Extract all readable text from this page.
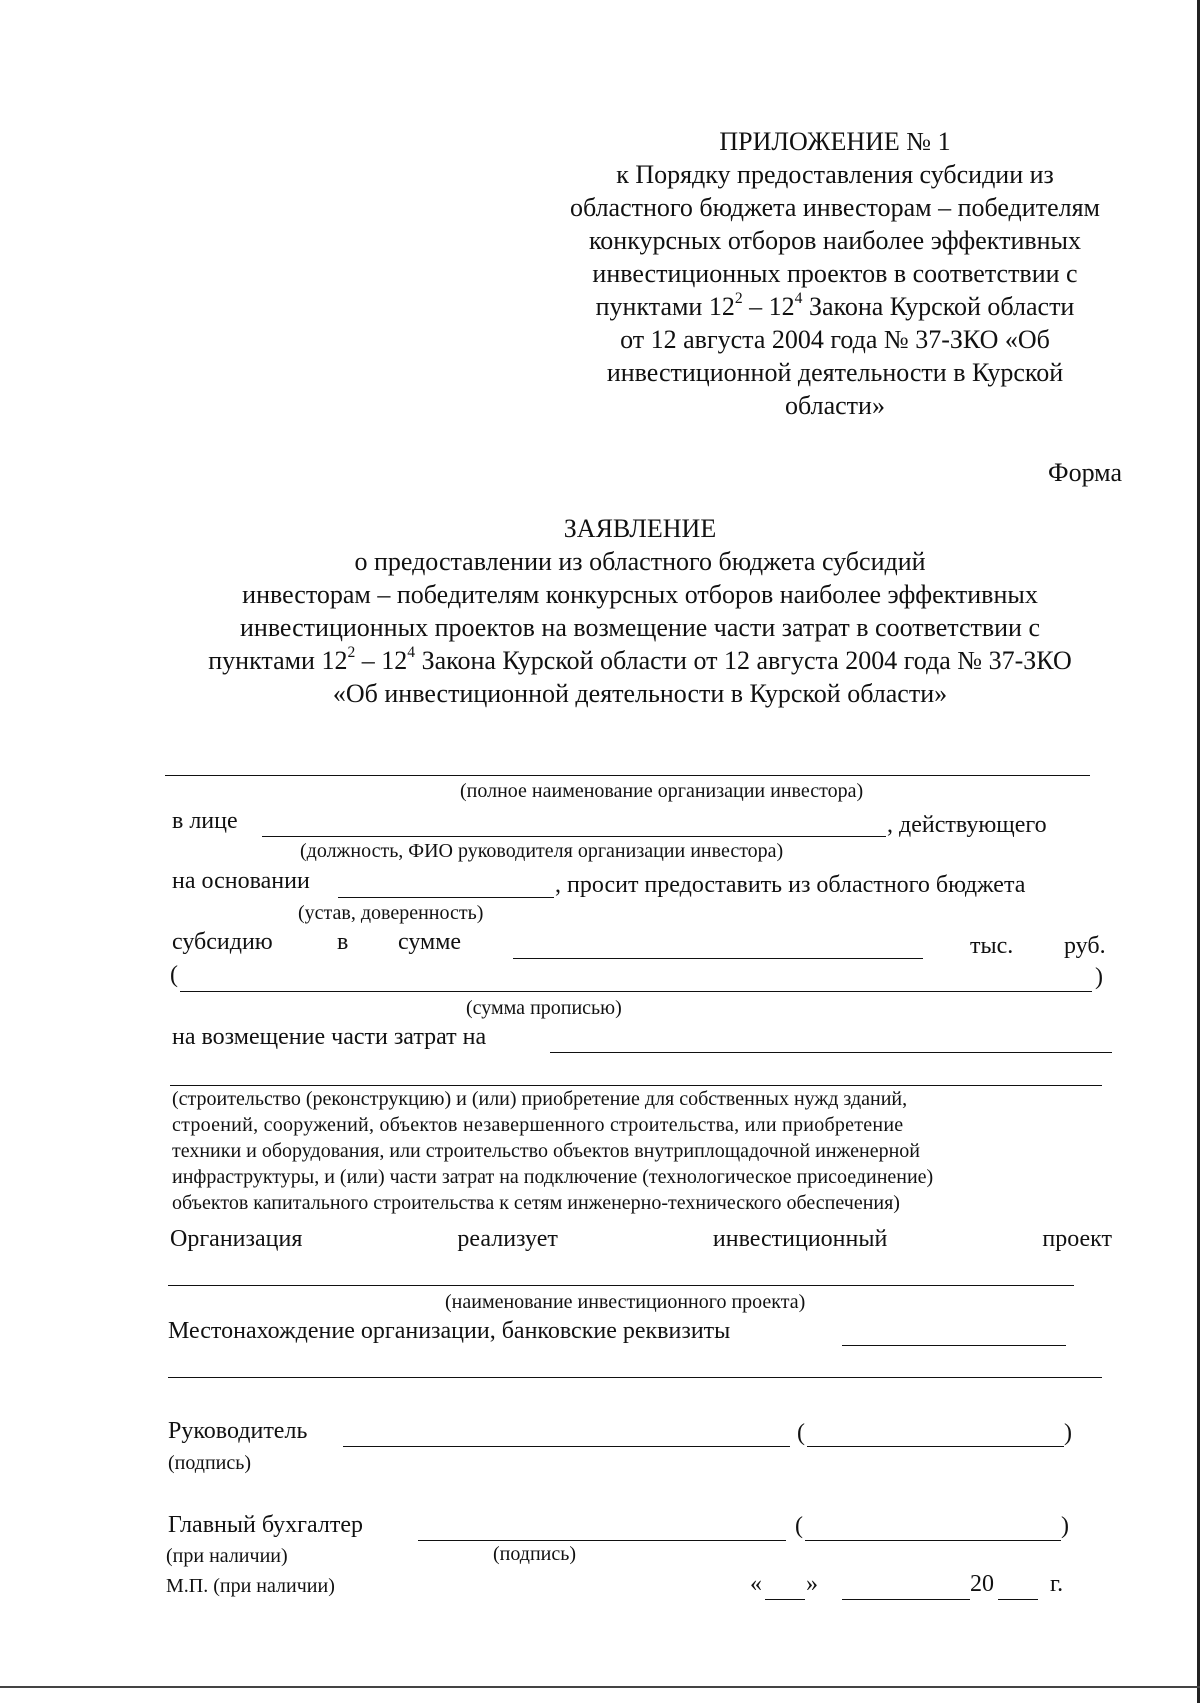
ПРИЛОЖЕНИЕ № 1
к Порядку предоставления субсидии из
областного бюджета инвесторам – победителям
конкурсных отборов наиболее эффективных
инвестиционных проектов в соответствии с
пунктами $12^2 - 12^4$ Закона Курской области
от 12 августа 2004 года № 37-ЗКО «Об
инвестиционной деятельности в Курской
области»
Форма
ЗАЯВЛЕНИЕ
о предоставлении из областного бюджета субсидий
инвесторам – победителям конкурсных отборов наиболее эффективных
инвестиционных проектов на возмещение части затрат в соответствии с
пунктами $12^2 - 12^4$ Закона Курской области от 12 августа 2004 года № 37-ЗКО
«Об инвестиционной деятельности в Курской области»
(полное наименование организации инвестора)
в лице	, действующего
(должность, ФИО руководителя организации инвестора)
на основании	, просит предоставить из областного бюджета
(устав, доверенность)
субсидию	в сумме	тыс. руб.
(	)
(сумма прописью)
на возмещение части затрат на
(строительство (реконструкцию) и (или) приобретение для собственных нужд зданий,
строений, сооружений, объектов незавершенного строительства, или приобретение
техники и оборудования, или строительство объектов внутриплощадочной инженерной
инфраструктуры, и (или) части затрат на подключение (технологическое присоединение)
объектов капитального строительства к сетям инженерно-технического обеспечения)
Организация	реализует	инвестиционный	проект
(наименование инвестиционного проекта)
Местонахождение организации, банковские реквизиты
Руководитель	(	)
(подпись)
Главный бухгалтер	(	)
(при наличии)	(подпись)
М.П. (при наличии)	« »	20 г.
